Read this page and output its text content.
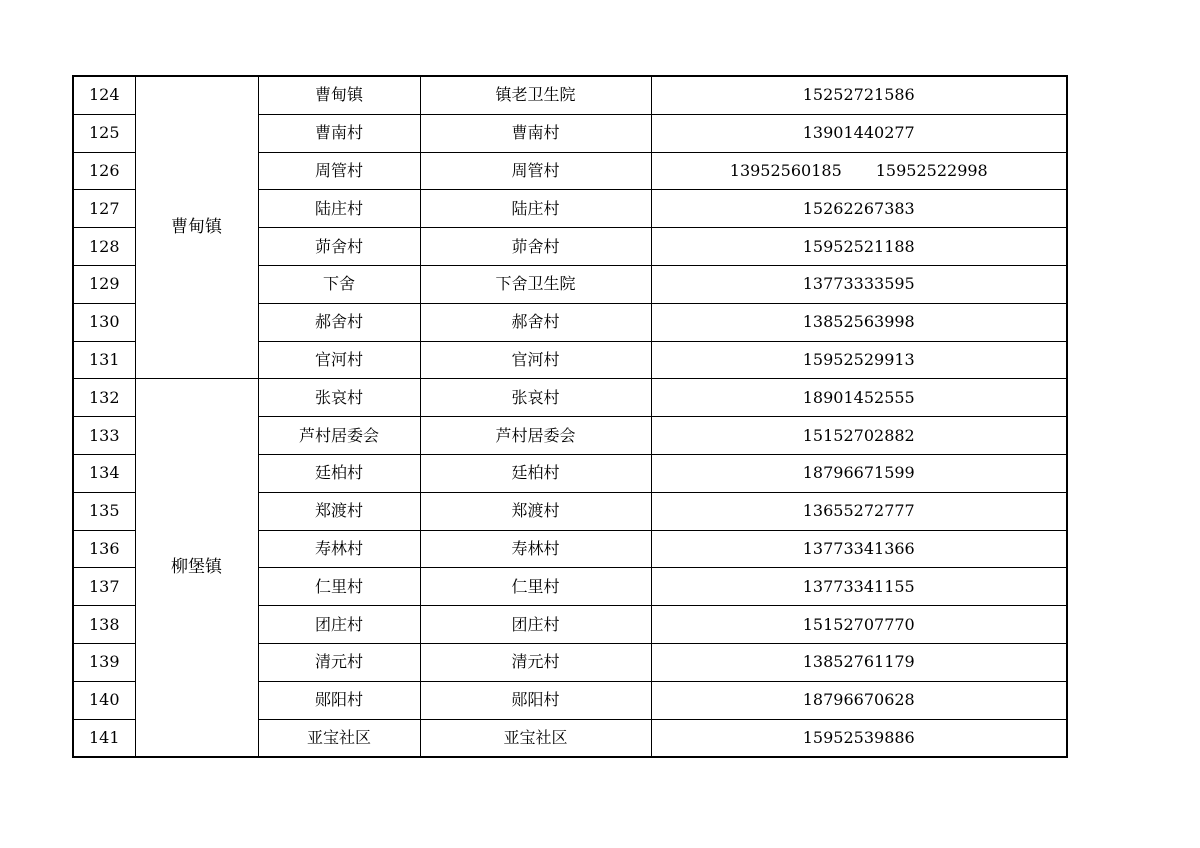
124	曹甸镇	曹甸镇	镇老卫生院	15252721586
125		曹南村	曹南村	13901440277
126		周管村	周管村	13952560185 15952522998
127		陆庄村	陆庄村	15262267383
128		茆舍村	茆舍村	15952521188
129		下舍	下舍卫生院	13773333595
130		郝舍村	郝舍村	13852563998
131		官河村	官河村	15952529913
132	柳堡镇	张哀村	张哀村	18901452555
133		芦村居委会	芦村居委会	15152702882
134		廷柏村	廷柏村	18796671599
135		郑渡村	郑渡村	13655272777
136		寿林村	寿林村	13773341366
137		仁里村	仁里村	13773341155
138		团庄村	团庄村	15152707770
139		清元村	清元村	13852761179
140		郧阳村	郧阳村	18796670628
141		亚宝社区	亚宝社区	15952539886
